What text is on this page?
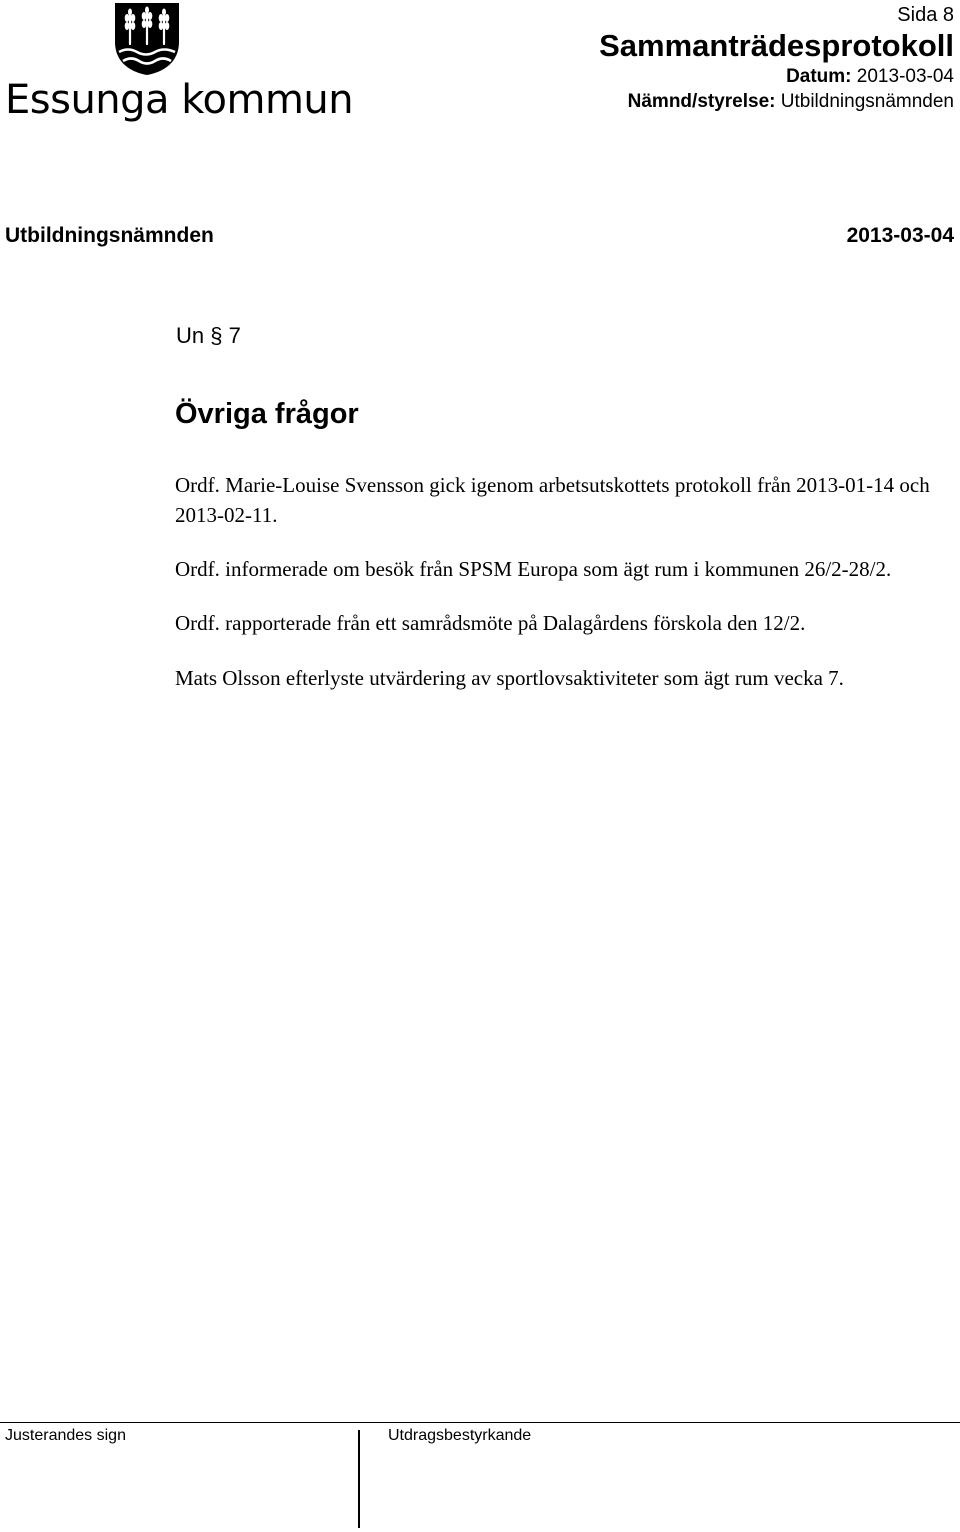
Essunga kommun
Sida 8
Sammanträdesprotokoll
Datum: 2013-03-04
Nämnd/styrelse: Utbildningsnämnden
Utbildningsnämnden	2013-03-04
Un § 7
Övriga frågor

Ordf. Marie-Louise Svensson gick igenom arbetsutskottets protokoll från 2013-01-14 och 2013-02-11.

Ordf. informerade om besök från SPSM Europa som ägt rum i kommunen 26/2-28/2.

Ordf. rapporterade från ett samrådsmöte på Dalagårdens förskola den 12/2.

Mats Olsson efterlyste utvärdering av sportlovsaktiviteter som ägt rum vecka 7.

Justerandes sign	Utdragsbestyrkande
